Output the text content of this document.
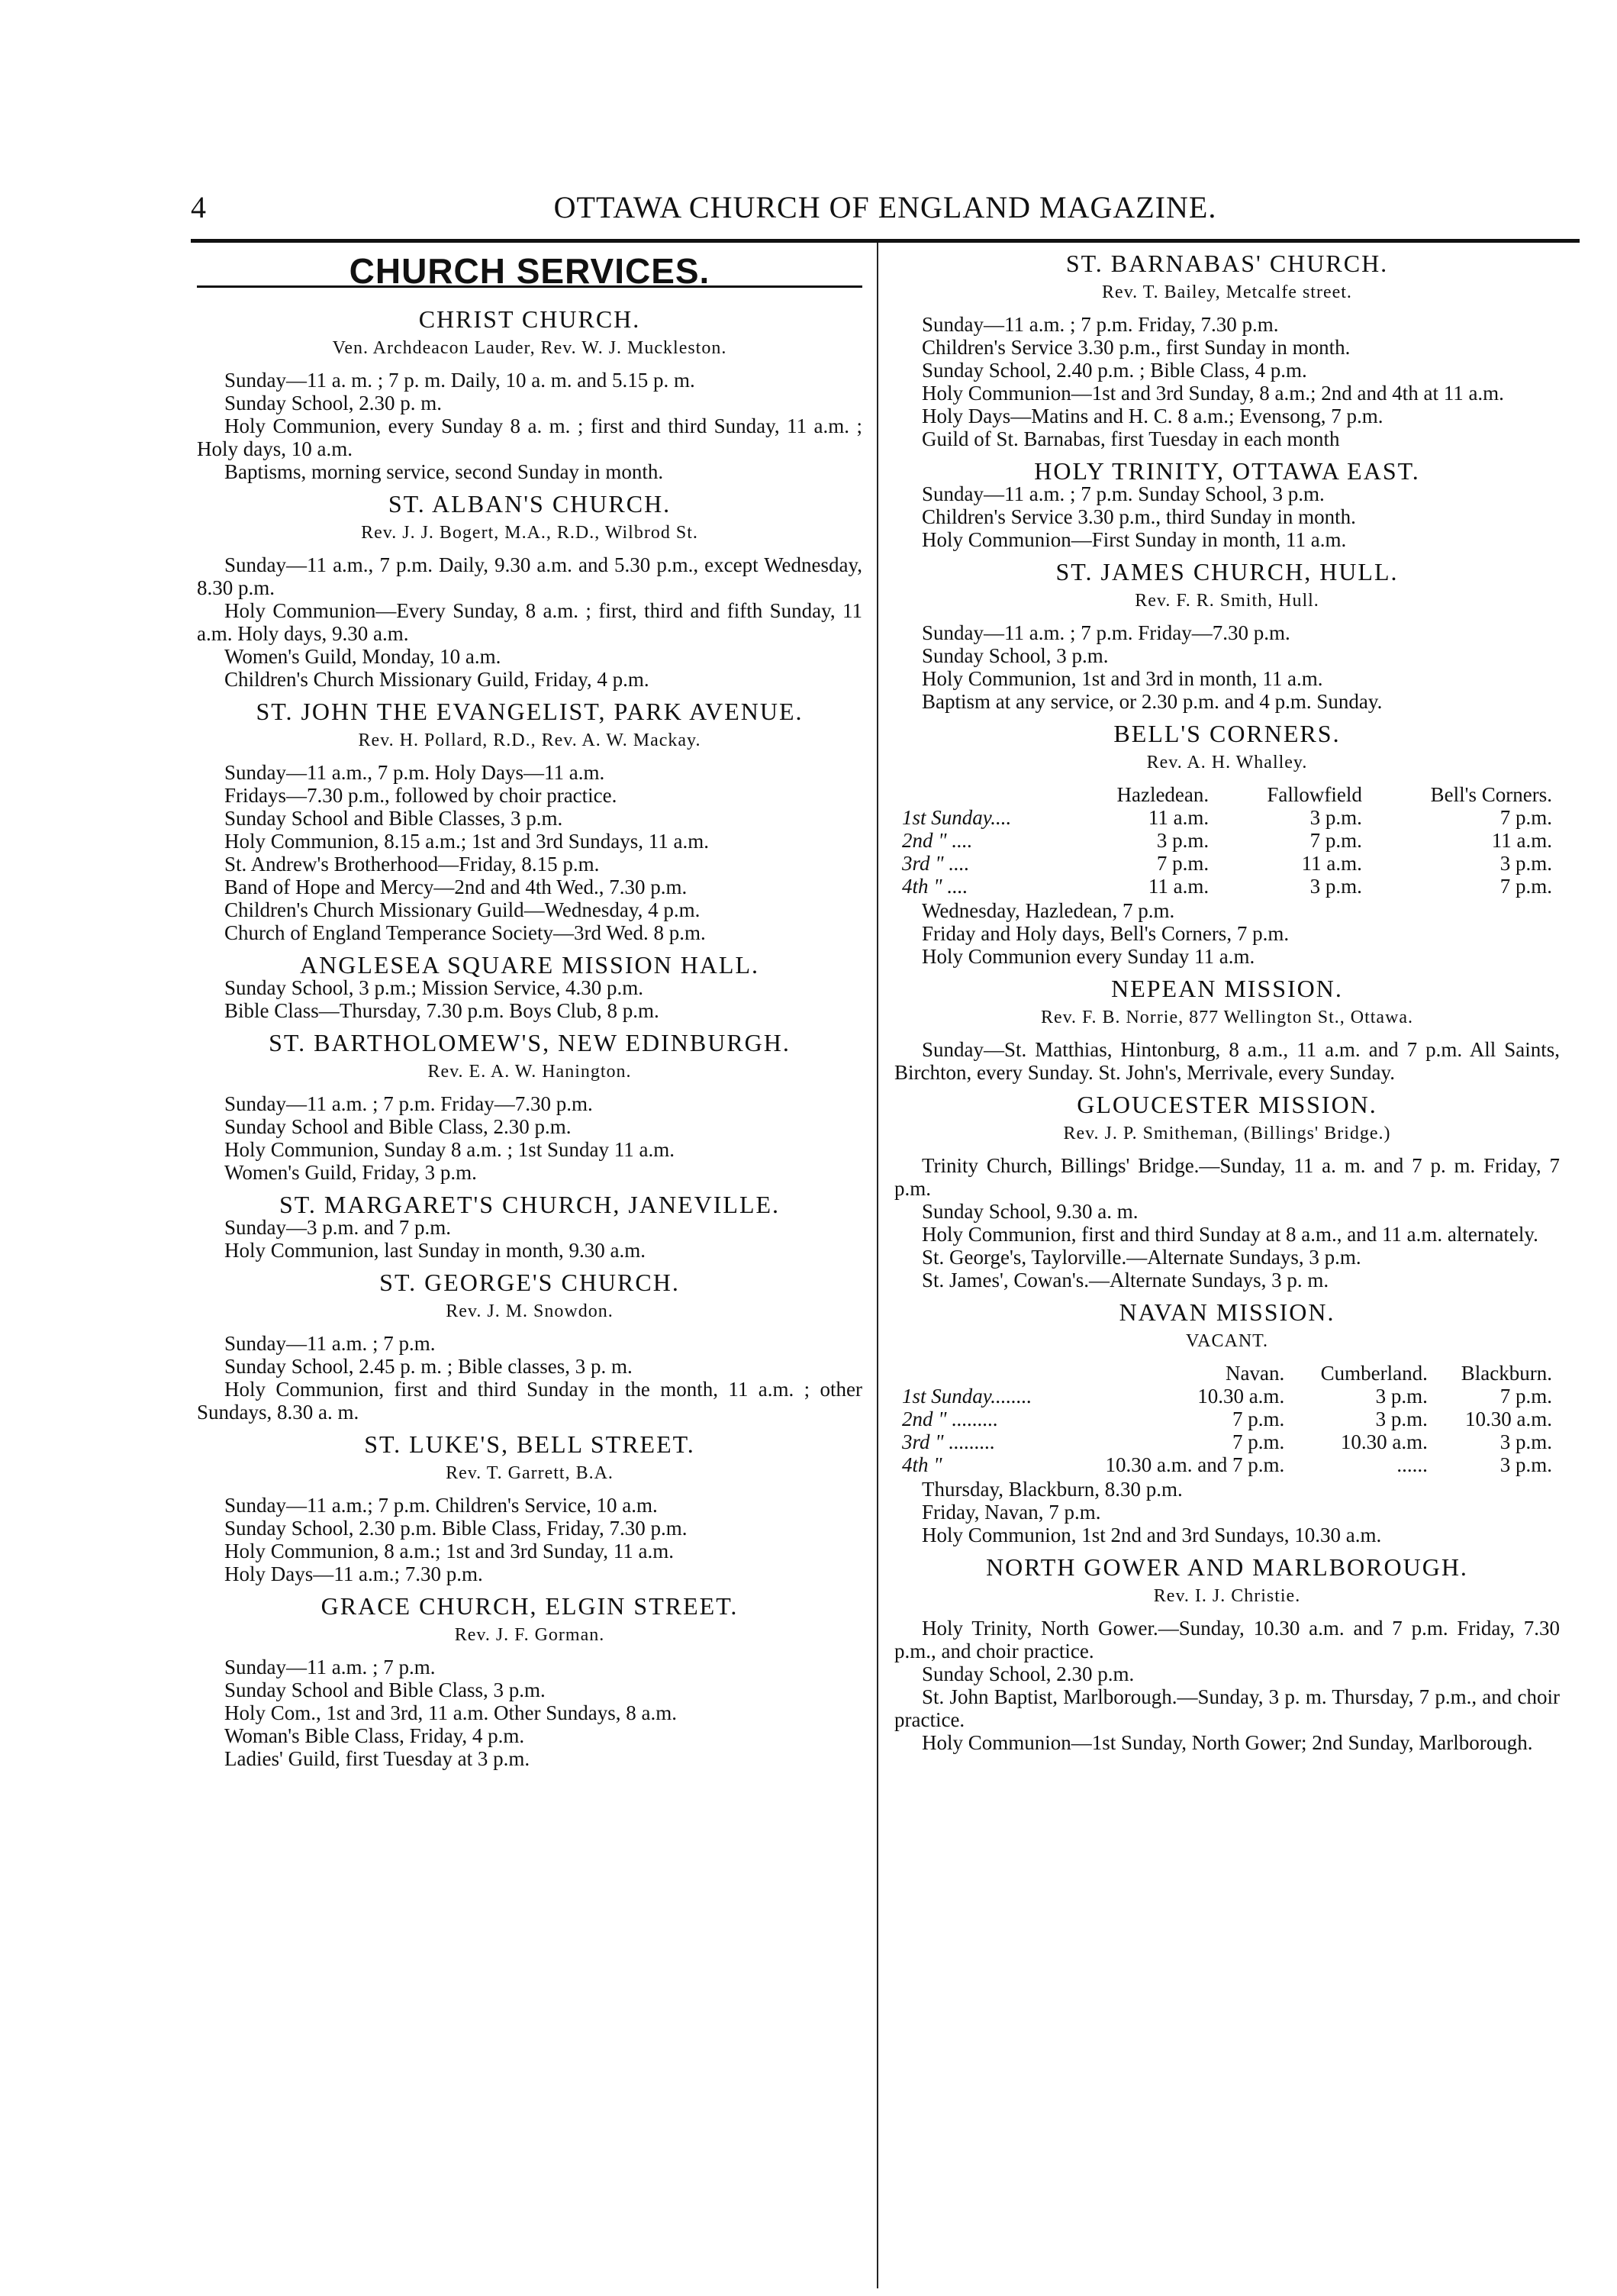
4	OTTAWA CHURCH OF ENGLAND MAGAZINE.
CHURCH SERVICES.
CHRIST CHURCH.
Ven. Archdeacon Lauder, Rev. W. J. Muckleston.

Sunday—11 a. m. ; 7 p. m. Daily, 10 a. m. and 5.15 p. m.

Sunday School, 2.30 p. m.

Holy Communion, every Sunday 8 a. m. ; first and third Sunday, 11 a.m. ; Holy days, 10 a.m.

Baptisms, morning service, second Sunday in month.

ST. ALBAN'S CHURCH.
Rev. J. J. Bogert, M.A., R.D., Wilbrod St.

Sunday—11 a.m., 7 p.m. Daily, 9.30 a.m. and 5.30 p.m., except Wednesday, 8.30 p.m.

Holy Communion—Every Sunday, 8 a.m. ; first, third and fifth Sunday, 11 a.m. Holy days, 9.30 a.m.

Women's Guild, Monday, 10 a.m.

Children's Church Missionary Guild, Friday, 4 p.m.

ST. JOHN THE EVANGELIST, PARK AVENUE.
Rev. H. Pollard, R.D., Rev. A. W. Mackay.

Sunday—11 a.m., 7 p.m. Holy Days—11 a.m.

Fridays—7.30 p.m., followed by choir practice.

Sunday School and Bible Classes, 3 p.m.

Holy Communion, 8.15 a.m.; 1st and 3rd Sundays, 11 a.m.

St. Andrew's Brotherhood—Friday, 8.15 p.m.

Band of Hope and Mercy—2nd and 4th Wed., 7.30 p.m.

Children's Church Missionary Guild—Wednesday, 4 p.m.

Church of England Temperance Society—3rd Wed. 8 p.m.

ANGLESEA SQUARE MISSION HALL.

Sunday School, 3 p.m.; Mission Service, 4.30 p.m.

Bible Class—Thursday, 7.30 p.m. Boys Club, 8 p.m.

ST. BARTHOLOMEW'S, NEW EDINBURGH.
Rev. E. A. W. Hanington.

Sunday—11 a.m. ; 7 p.m. Friday—7.30 p.m.

Sunday School and Bible Class, 2.30 p.m.

Holy Communion, Sunday 8 a.m. ; 1st Sunday 11 a.m.

Women's Guild, Friday, 3 p.m.

ST. MARGARET'S CHURCH, JANEVILLE.

Sunday—3 p.m. and 7 p.m.

Holy Communion, last Sunday in month, 9.30 a.m.

ST. GEORGE'S CHURCH.
Rev. J. M. Snowdon.

Sunday—11 a.m. ; 7 p.m.

Sunday School, 2.45 p. m. ; Bible classes, 3 p. m.

Holy Communion, first and third Sunday in the month, 11 a.m. ; other Sundays, 8.30 a. m.

ST. LUKE'S, BELL STREET.
Rev. T. Garrett, B.A.

Sunday—11 a.m.; 7 p.m. Children's Service, 10 a.m.

Sunday School, 2.30 p.m. Bible Class, Friday, 7.30 p.m.

Holy Communion, 8 a.m.; 1st and 3rd Sunday, 11 a.m.

Holy Days—11 a.m.; 7.30 p.m.

GRACE CHURCH, ELGIN STREET.
Rev. J. F. Gorman.

Sunday—11 a.m. ; 7 p.m.

Sunday School and Bible Class, 3 p.m.

Holy Com., 1st and 3rd, 11 a.m. Other Sundays, 8 a.m.

Woman's Bible Class, Friday, 4 p.m.

Ladies' Guild, first Tuesday at 3 p.m.

ST. BARNABAS' CHURCH.
Rev. T. Bailey, Metcalfe street.

Sunday—11 a.m. ; 7 p.m. Friday, 7.30 p.m.

Children's Service 3.30 p.m., first Sunday in month.

Sunday School, 2.40 p.m. ; Bible Class, 4 p.m.

Holy Communion—1st and 3rd Sunday, 8 a.m.; 2nd and 4th at 11 a.m.

Holy Days—Matins and H. C. 8 a.m.; Evensong, 7 p.m.

Guild of St. Barnabas, first Tuesday in each month

HOLY TRINITY, OTTAWA EAST.

Sunday—11 a.m. ; 7 p.m. Sunday School, 3 p.m.

Children's Service 3.30 p.m., third Sunday in month.

Holy Communion—First Sunday in month, 11 a.m.

ST. JAMES CHURCH, HULL.
Rev. F. R. Smith, Hull.

Sunday—11 a.m. ; 7 p.m. Friday—7.30 p.m.

Sunday School, 3 p.m.

Holy Communion, 1st and 3rd in month, 11 a.m.

Baptism at any service, or 2.30 p.m. and 4 p.m. Sunday.

BELL'S CORNERS.
Rev. A. H. Whalley.
	Hazledean.	Fallowfield	Bell's Corners.
1st Sunday....	11 a.m.	3 p.m.	7 p.m.
2nd " ....	3 p.m.	7 p.m.	11 a.m.
3rd " ....	7 p.m.	11 a.m.	3 p.m.
4th " ....	11 a.m.	3 p.m.	7 p.m.

Wednesday, Hazledean, 7 p.m.

Friday and Holy days, Bell's Corners, 7 p.m.

Holy Communion every Sunday 11 a.m.

NEPEAN MISSION.
Rev. F. B. Norrie, 877 Wellington St., Ottawa.

Sunday—St. Matthias, Hintonburg, 8 a.m., 11 a.m. and 7 p.m. All Saints, Birchton, every Sunday. St. John's, Merrivale, every Sunday.

GLOUCESTER MISSION.
Rev. J. P. Smitheman, (Billings' Bridge.)

Trinity Church, Billings' Bridge.—Sunday, 11 a. m. and 7 p. m. Friday, 7 p.m.

Sunday School, 9.30 a. m.

Holy Communion, first and third Sunday at 8 a.m., and 11 a.m. alternately.

St. George's, Taylorville.—Alternate Sundays, 3 p.m.

St. James', Cowan's.—Alternate Sundays, 3 p. m.

NAVAN MISSION.
VACANT.
	Navan.	Cumberland.	Blackburn.
1st Sunday........	10.30 a.m.	3 p.m.	7 p.m.
2nd " .........	7 p.m.	3 p.m.	10.30 a.m.
3rd " .........	7 p.m.	10.30 a.m.	3 p.m.
4th "	10.30 a.m. and 7 p.m.	......	3 p.m.

Thursday, Blackburn, 8.30 p.m.

Friday, Navan, 7 p.m.

Holy Communion, 1st 2nd and 3rd Sundays, 10.30 a.m.

NORTH GOWER AND MARLBOROUGH.
Rev. I. J. Christie.

Holy Trinity, North Gower.—Sunday, 10.30 a.m. and 7 p.m. Friday, 7.30 p.m., and choir practice.

Sunday School, 2.30 p.m.

St. John Baptist, Marlborough.—Sunday, 3 p. m. Thursday, 7 p.m., and choir practice.

Holy Communion—1st Sunday, North Gower; 2nd Sunday, Marlborough.
